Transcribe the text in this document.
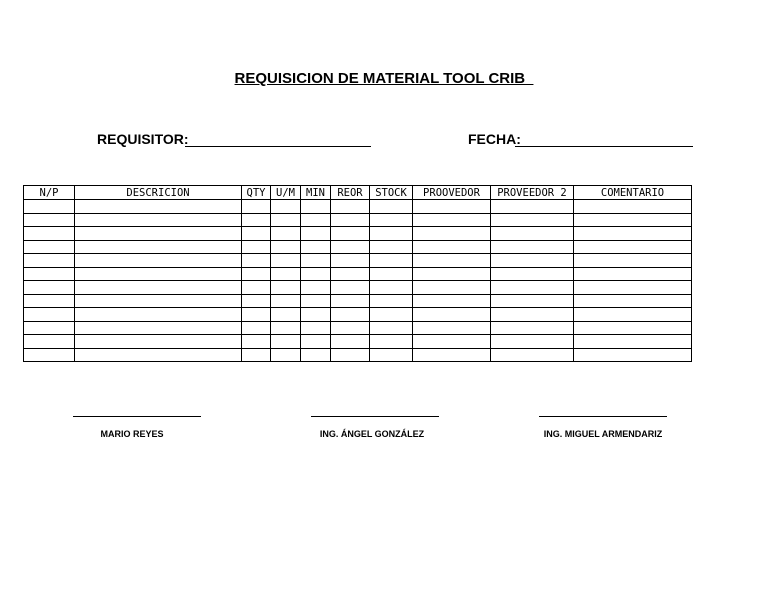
REQUISICION DE MATERIAL TOOL CRIB
REQUISITOR:	FECHA:
N/P	DESCRICION	QTY	U/M	MIN	REOR	STOCK	PROOVEDOR	PROVEEDOR 2	COMENTARIO

MARIO REYES	ING. ÁNGEL GONZÁLEZ	ING. MIGUEL ARMENDARIZ
